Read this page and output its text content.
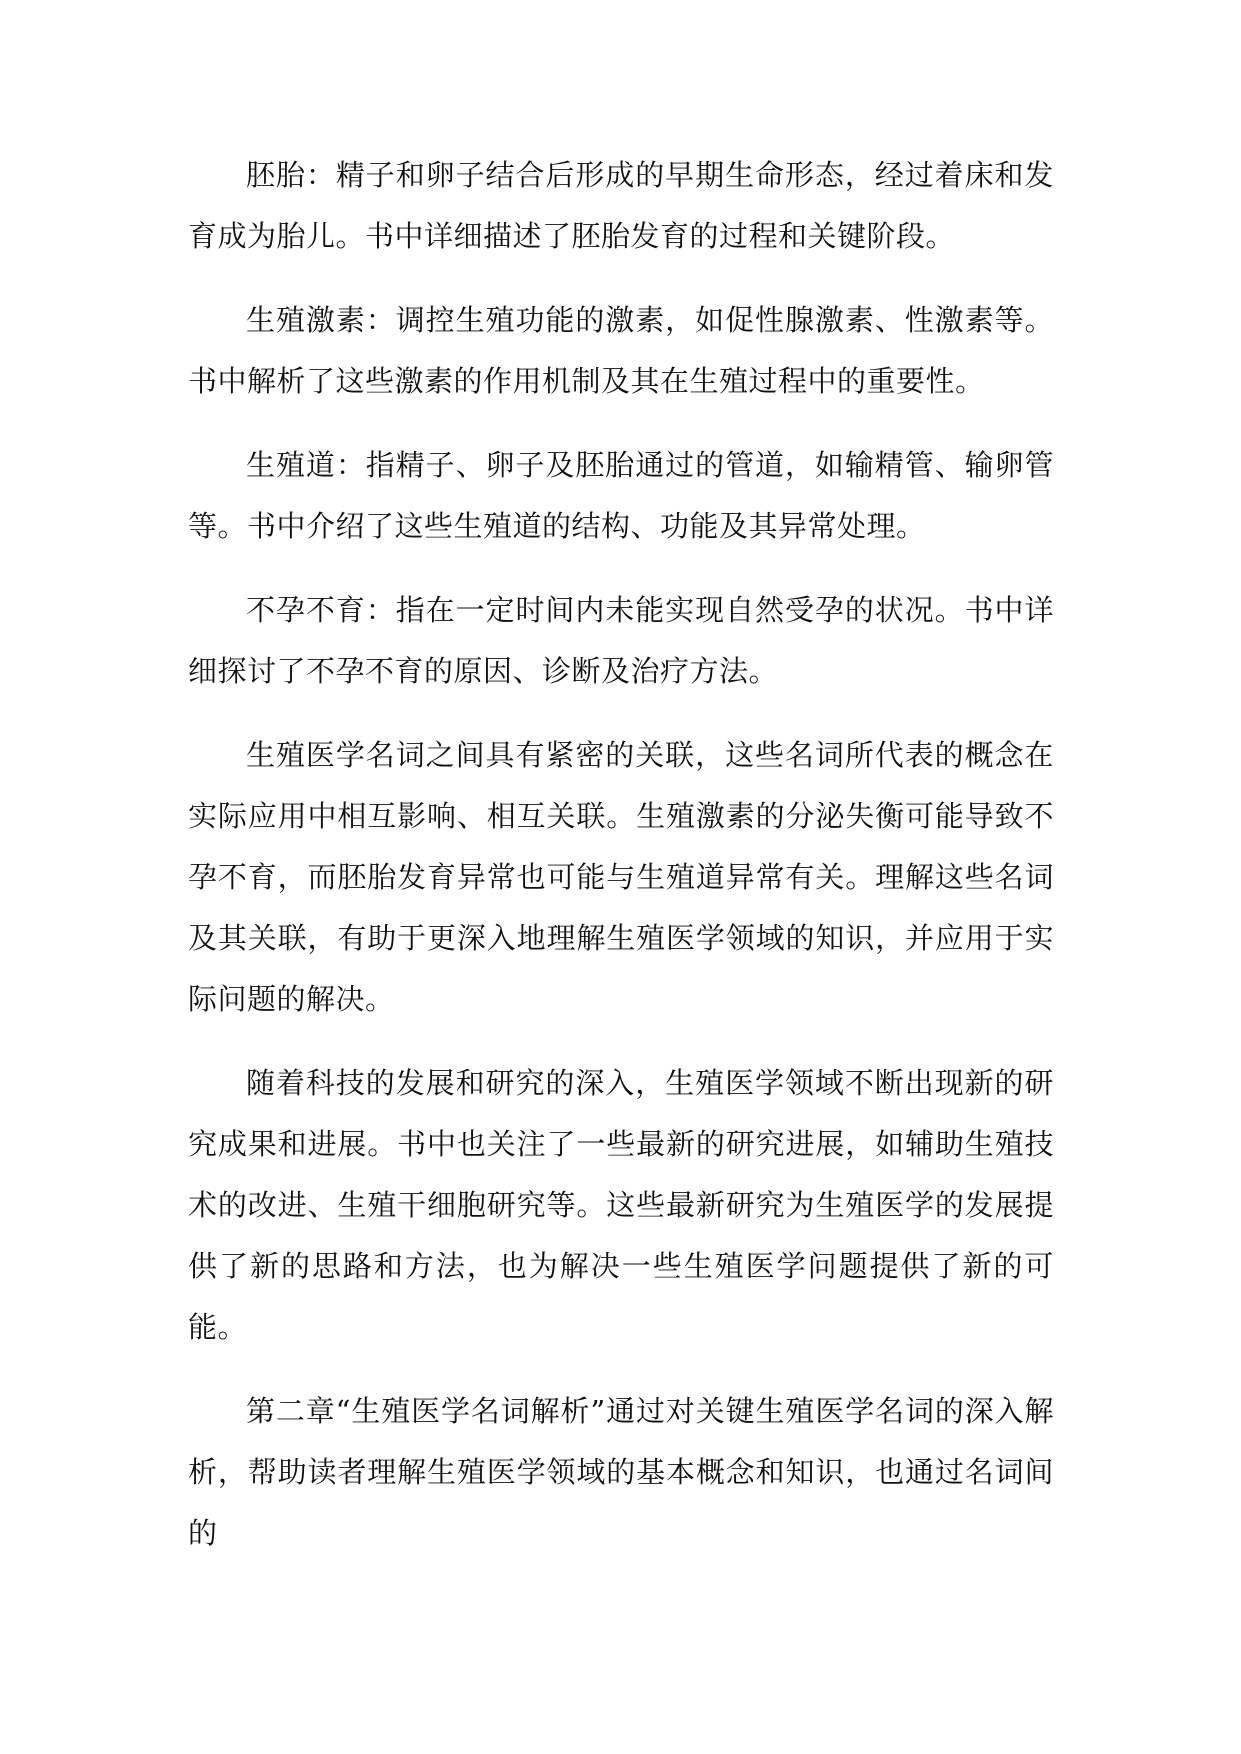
胚胎：精子和卵子结合后形成的早期生命形态，经过着床和发育成为胎儿。书中详细描述了胚胎发育的过程和关键阶段。

生殖激素：调控生殖功能的激素，如促性腺激素、性激素等。书中解析了这些激素的作用机制及其在生殖过程中的重要性。

生殖道：指精子、卵子及胚胎通过的管道，如输精管、输卵管等。书中介绍了这些生殖道的结构、功能及其异常处理。

不孕不育：指在一定时间内未能实现自然受孕的状况。书中详细探讨了不孕不育的原因、诊断及治疗方法。

生殖医学名词之间具有紧密的关联，这些名词所代表的概念在实际应用中相互影响、相互关联。生殖激素的分泌失衡可能导致不孕不育，而胚胎发育异常也可能与生殖道异常有关。理解这些名词及其关联，有助于更深入地理解生殖医学领域的知识，并应用于实际问题的解决。

随着科技的发展和研究的深入，生殖医学领域不断出现新的研究成果和进展。书中也关注了一些最新的研究进展，如辅助生殖技术的改进、生殖干细胞研究等。这些最新研究为生殖医学的发展提供了新的思路和方法，也为解决一些生殖医学问题提供了新的可能。

第二章“生殖医学名词解析”通过对关键生殖医学名词的深入解析，帮助读者理解生殖医学领域的基本概念和知识，也通过名词间的
